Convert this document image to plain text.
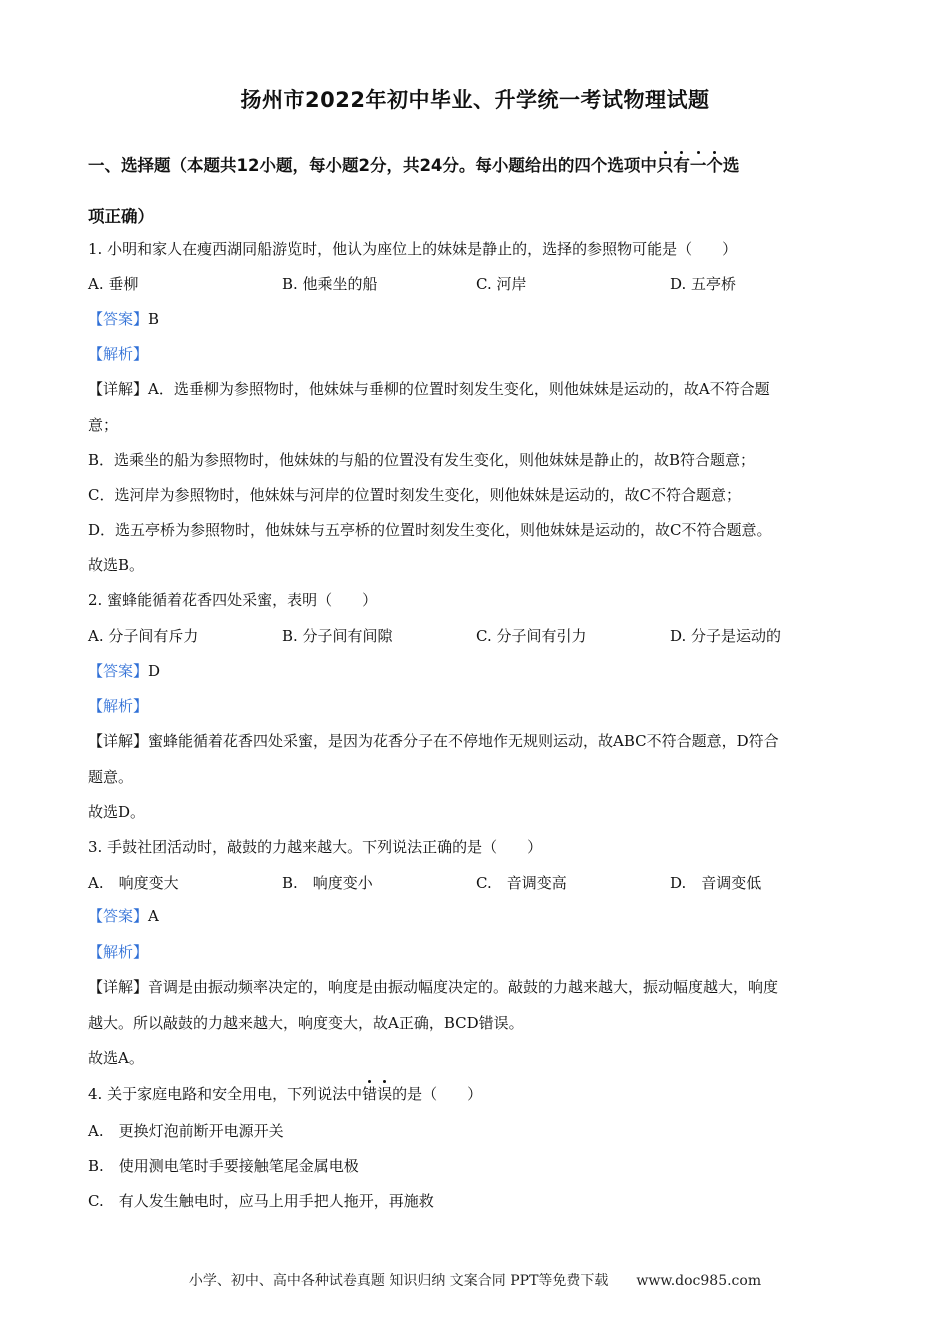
扬州市2022年初中毕业、升学统一考试物理试题
一、选择题（本题共12小题，每小题2分，共24分。每小题给出的四个选项中只有一个选
项正确）
1. 小明和家人在瘦西湖同船游览时，他认为座位上的妹妹是静止的，选择的参照物可能是（　　）
A. 垂柳	B. 他乘坐的船	C. 河岸	D. 五亭桥
【答案】B
【解析】
【详解】A．选垂柳为参照物时，他妹妹与垂柳的位置时刻发生变化，则他妹妹是运动的，故A不符合题
意；
B．选乘坐的船为参照物时，他妹妹的与船的位置没有发生变化，则他妹妹是静止的，故B符合题意；
C．选河岸为参照物时，他妹妹与河岸的位置时刻发生变化，则他妹妹是运动的，故C不符合题意；
D．选五亭桥为参照物时，他妹妹与五亭桥的位置时刻发生变化，则他妹妹是运动的，故C不符合题意。
故选B。
2. 蜜蜂能循着花香四处采蜜，表明（　　）
A. 分子间有斥力	B. 分子间有间隙	C. 分子间有引力	D. 分子是运动的
【答案】D
【解析】
【详解】蜜蜂能循着花香四处采蜜，是因为花香分子在不停地作无规则运动，故ABC不符合题意，D符合
题意。
故选D。
3. 手鼓社团活动时，敲鼓的力越来越大。下列说法正确的是（　　）
A.　响度变大	B.　响度变小	C.　音调变高	D.　音调变低
【答案】A
【解析】
【详解】音调是由振动频率决定的，响度是由振动幅度决定的。敲鼓的力越来越大，振动幅度越大，响度
越大。所以敲鼓的力越来越大，响度变大，故A正确，BCD错误。
故选A。
4. 关于家庭电路和安全用电，下列说法中错误的是（　　）
A.　更换灯泡前断开电源开关
B.　使用测电笔时手要接触笔尾金属电极
C.　有人发生触电时，应马上用手把人拖开，再施救
小学、初中、高中各种试卷真题 知识归纳 文案合同 PPT等免费下载　　www.doc985.com
